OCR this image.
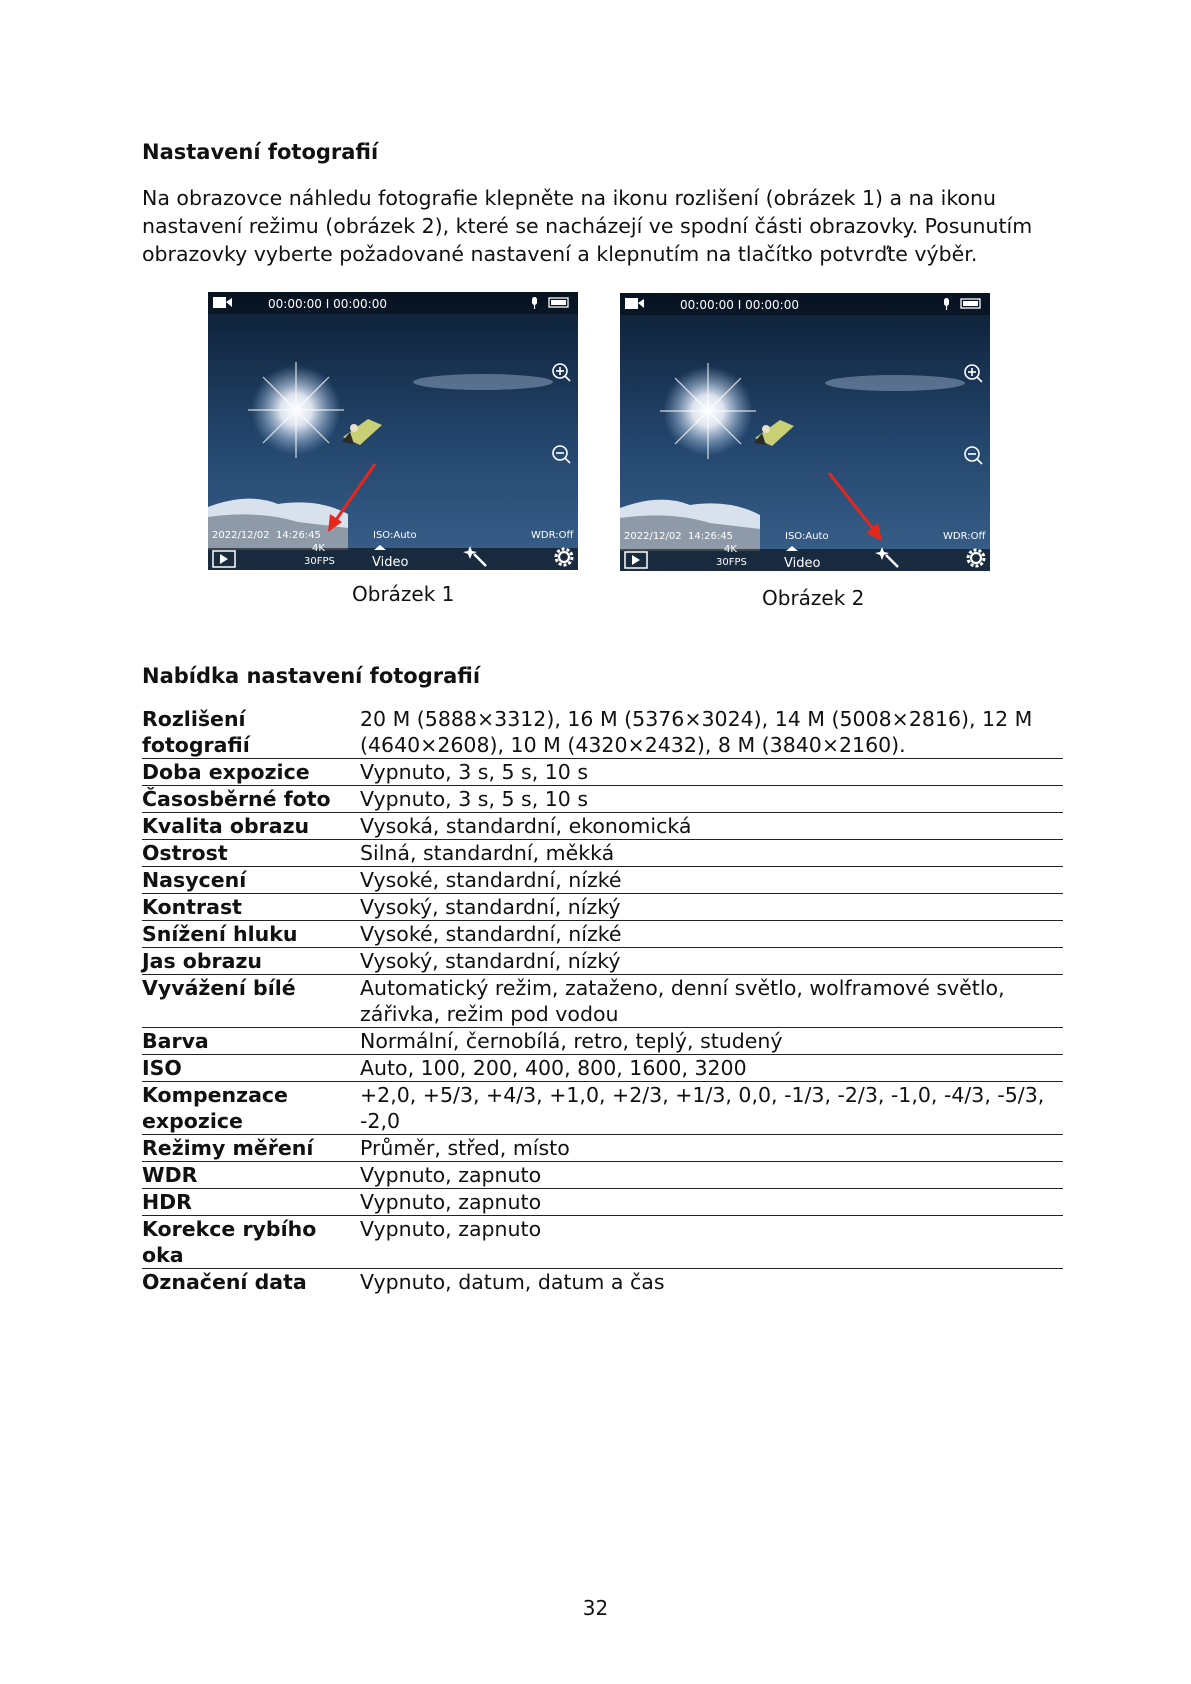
Nastavení fotografií
Na obrazovce náhledu fotografie klepněte na ikonu rozlišení (obrázek 1) a na ikonu nastavení režimu (obrázek 2), které se nacházejí ve spodní části obrazovky. Posunutím obrazovky vyberte požadované nastavení a klepnutím na tlačítko potvrďte výběr.
00:00:00 I 00:00:00
2022/12/02 14:26:45	ISO:Auto	WDR:Off
4K
30FPS	Video
Obrázek 1
00:00:00 I 00:00:00
2022/12/02 14:26:45	ISO:Auto	WDR:Off
4K
30FPS	Video
Obrázek 2
Nabídka nastavení fotografií
Rozlišení fotografií	20 M (5888×3312), 16 M (5376×3024), 14 M (5008×2816), 12 M (4640×2608), 10 M (4320×2432), 8 M (3840×2160).
Doba expozice	Vypnuto, 3 s, 5 s, 10 s
Časosběrné foto	Vypnuto, 3 s, 5 s, 10 s
Kvalita obrazu	Vysoká, standardní, ekonomická
Ostrost	Silná, standardní, měkká
Nasycení	Vysoké, standardní, nízké
Kontrast	Vysoký, standardní, nízký
Snížení hluku	Vysoké, standardní, nízké
Jas obrazu	Vysoký, standardní, nízký
Vyvážení bílé	Automatický režim, zataženo, denní světlo, wolframové světlo, zářivka, režim pod vodou
Barva	Normální, černobílá, retro, teplý, studený
ISO	Auto, 100, 200, 400, 800, 1600, 3200
Kompenzace expozice	+2,0, +5/3, +4/3, +1,0, +2/3, +1/3, 0,0, -1/3, -2/3, -1,0, -4/3, -5/3, -2,0
Režimy měření	Průměr, střed, místo
WDR	Vypnuto, zapnuto
HDR	Vypnuto, zapnuto
Korekce rybího oka	Vypnuto, zapnuto
Označení data	Vypnuto, datum, datum a čas
32
